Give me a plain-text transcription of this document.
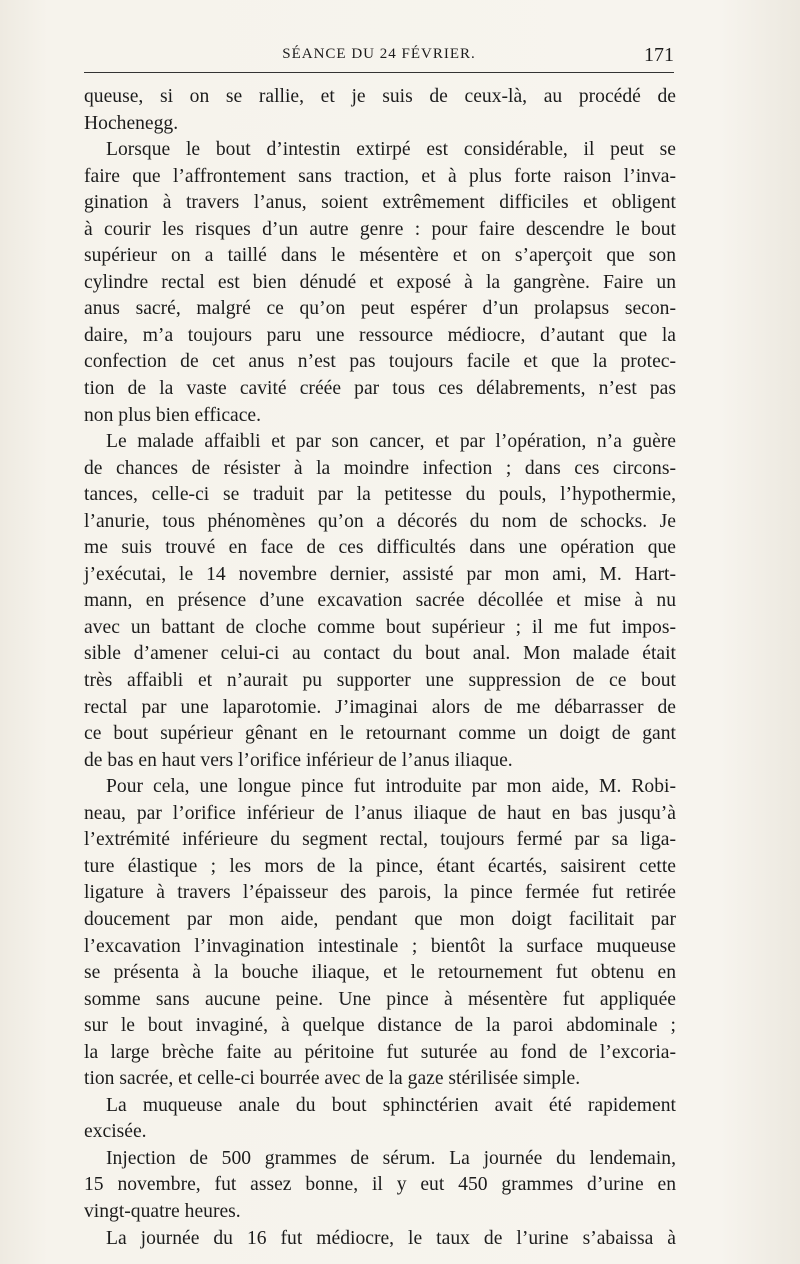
SÉANCE DU 24 FÉVRIER.	171
queuse, si on se rallie, et je suis de ceux-là, au procédé de
Hochenegg.
Lorsque le bout d’intestin extirpé est considérable, il peut se
faire que l’affrontement sans traction, et à plus forte raison l’inva-
gination à travers l’anus, soient extrêmement difficiles et obligent
à courir les risques d’un autre genre : pour faire descendre le bout
supérieur on a taillé dans le mésentère et on s’aperçoit que son
cylindre rectal est bien dénudé et exposé à la gangrène. Faire un
anus sacré, malgré ce qu’on peut espérer d’un prolapsus secon-
daire, m’a toujours paru une ressource médiocre, d’autant que la
confection de cet anus n’est pas toujours facile et que la protec-
tion de la vaste cavité créée par tous ces délabrements, n’est pas
non plus bien efficace.
Le malade affaibli et par son cancer, et par l’opération, n’a guère
de chances de résister à la moindre infection ; dans ces circons-
tances, celle-ci se traduit par la petitesse du pouls, l’hypothermie,
l’anurie, tous phénomènes qu’on a décorés du nom de schocks. Je
me suis trouvé en face de ces difficultés dans une opération que
j’exécutai, le 14 novembre dernier, assisté par mon ami, M. Hart-
mann, en présence d’une excavation sacrée décollée et mise à nu
avec un battant de cloche comme bout supérieur ; il me fut impos-
sible d’amener celui-ci au contact du bout anal. Mon malade était
très affaibli et n’aurait pu supporter une suppression de ce bout
rectal par une laparotomie. J’imaginai alors de me débarrasser de
ce bout supérieur gênant en le retournant comme un doigt de gant
de bas en haut vers l’orifice inférieur de l’anus iliaque.
Pour cela, une longue pince fut introduite par mon aide, M. Robi-
neau, par l’orifice inférieur de l’anus iliaque de haut en bas jusqu’à
l’extrémité inférieure du segment rectal, toujours fermé par sa liga-
ture élastique ; les mors de la pince, étant écartés, saisirent cette
ligature à travers l’épaisseur des parois, la pince fermée fut retirée
doucement par mon aide, pendant que mon doigt facilitait par
l’excavation l’invagination intestinale ; bientôt la surface muqueuse
se présenta à la bouche iliaque, et le retournement fut obtenu en
somme sans aucune peine. Une pince à mésentère fut appliquée
sur le bout invaginé, à quelque distance de la paroi abdominale ;
la large brèche faite au péritoine fut suturée au fond de l’excoria-
tion sacrée, et celle-ci bourrée avec de la gaze stérilisée simple.
La muqueuse anale du bout sphinctérien avait été rapidement
excisée.
Injection de 500 grammes de sérum. La journée du lendemain,
15 novembre, fut assez bonne, il y eut 450 grammes d’urine en
vingt-quatre heures.
La journée du 16 fut médiocre, le taux de l’urine s’abaissa à
